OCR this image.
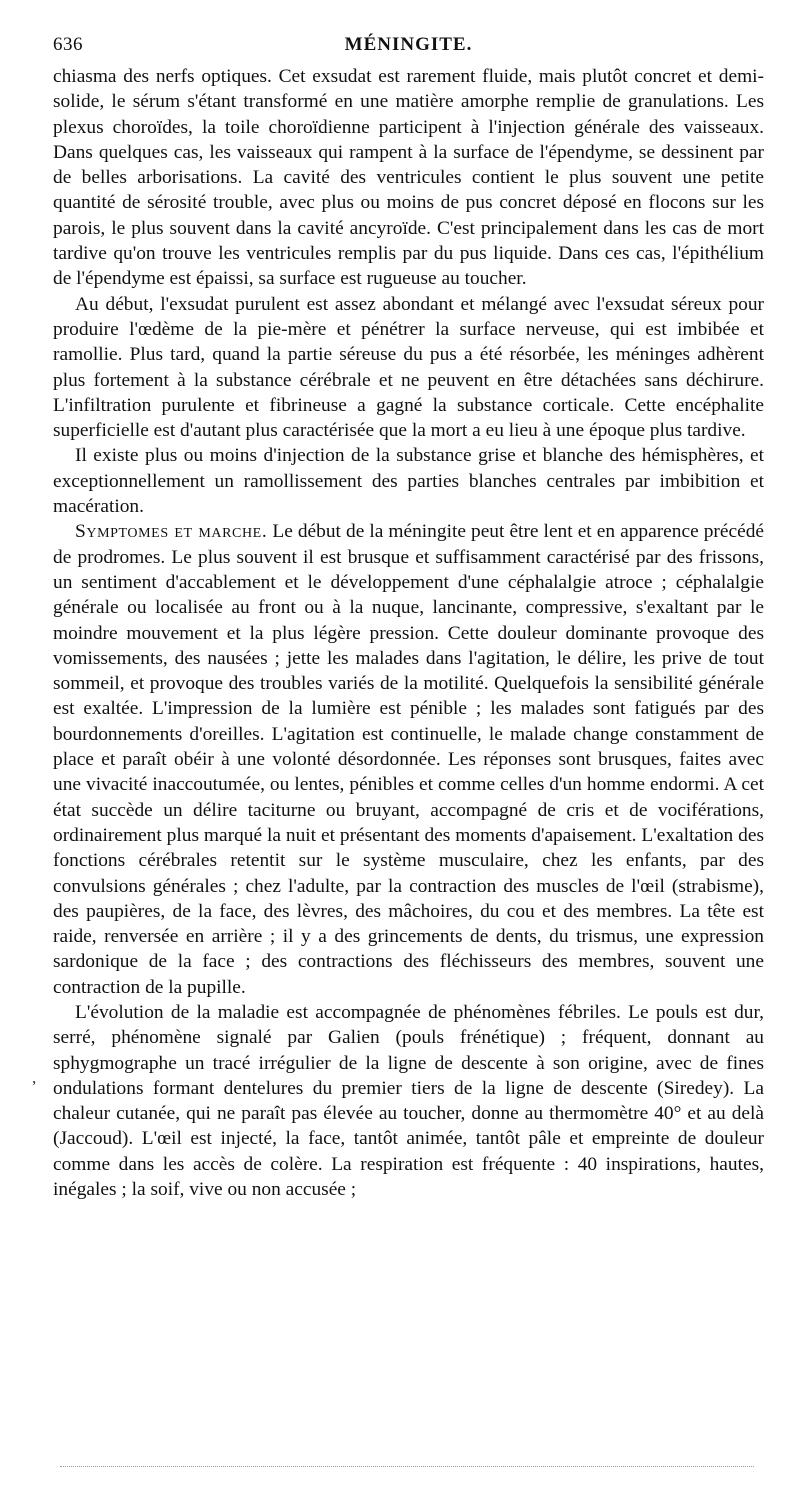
636	MÉNINGITE.

chiasma des nerfs optiques. Cet exsudat est rarement fluide, mais plutôt concret et demi-solide, le sérum s'étant transformé en une matière amorphe remplie de granulations. Les plexus choroïdes, la toile choroïdienne participent à l'injection générale des vaisseaux. Dans quelques cas, les vaisseaux qui rampent à la surface de l'épendyme, se dessinent par de belles arborisations. La cavité des ventricules contient le plus souvent une petite quantité de sérosité trouble, avec plus ou moins de pus concret déposé en flocons sur les parois, le plus souvent dans la cavité ancyroïde. C'est principalement dans les cas de mort tardive qu'on trouve les ventricules remplis par du pus liquide. Dans ces cas, l'épithélium de l'épendyme est épaissi, sa surface est rugueuse au toucher.

Au début, l'exsudat purulent est assez abondant et mélangé avec l'exsudat séreux pour produire l'œdème de la pie-mère et pénétrer la surface nerveuse, qui est imbibée et ramollie. Plus tard, quand la partie séreuse du pus a été résorbée, les méninges adhèrent plus fortement à la substance cérébrale et ne peuvent en être détachées sans déchirure. L'infiltration purulente et fibrineuse a gagné la substance corticale. Cette encéphalite superficielle est d'autant plus caractérisée que la mort a eu lieu à une époque plus tardive.

Il existe plus ou moins d'injection de la substance grise et blanche des hémisphères, et exceptionnellement un ramollissement des parties blanches centrales par imbibition et macération.

Symptomes et marche. Le début de la méningite peut être lent et en apparence précédé de prodromes. Le plus souvent il est brusque et suffisamment caractérisé par des frissons, un sentiment d'accablement et le développement d'une céphalalgie atroce ; céphalalgie générale ou localisée au front ou à la nuque, lancinante, compressive, s'exaltant par le moindre mouvement et la plus légère pression. Cette douleur dominante provoque des vomissements, des nausées ; jette les malades dans l'agitation, le délire, les prive de tout sommeil, et provoque des troubles variés de la motilité. Quelquefois la sensibilité générale est exaltée. L'impression de la lumière est pénible ; les malades sont fatigués par des bourdonnements d'oreilles. L'agitation est continuelle, le malade change constamment de place et paraît obéir à une volonté désordonnée. Les réponses sont brusques, faites avec une vivacité inaccoutumée, ou lentes, pénibles et comme celles d'un homme endormi. A cet état succède un délire taciturne ou bruyant, accompagné de cris et de vociférations, ordinairement plus marqué la nuit et présentant des moments d'apaisement. L'exaltation des fonctions cérébrales retentit sur le système musculaire, chez les enfants, par des convulsions générales ; chez l'adulte, par la contraction des muscles de l'œil (strabisme), des paupières, de la face, des lèvres, des mâchoires, du cou et des membres. La tête est raide, renversée en arrière ; il y a des grincements de dents, du trismus, une expression sardonique de la face ; des contractions des fléchisseurs des membres, souvent une contraction de la pupille.

L'évolution de la maladie est accompagnée de phénomènes fébriles. Le pouls est dur, serré, phénomène signalé par Galien (pouls frénétique) ; fréquent, donnant au sphygmographe un tracé irrégulier de la ligne de descente à son origine, avec de fines ondulations formant dentelures du premier tiers de la ligne de descente (Siredey). La chaleur cutanée, qui ne paraît pas élevée au toucher, donne au thermomètre 40° et au delà (Jaccoud). L'œil est injecté, la face, tantôt animée, tantôt pâle et empreinte de douleur comme dans les accès de colère. La respiration est fréquente : 40 inspirations, hautes, inégales ; la soif, vive ou non accusée ;

,
